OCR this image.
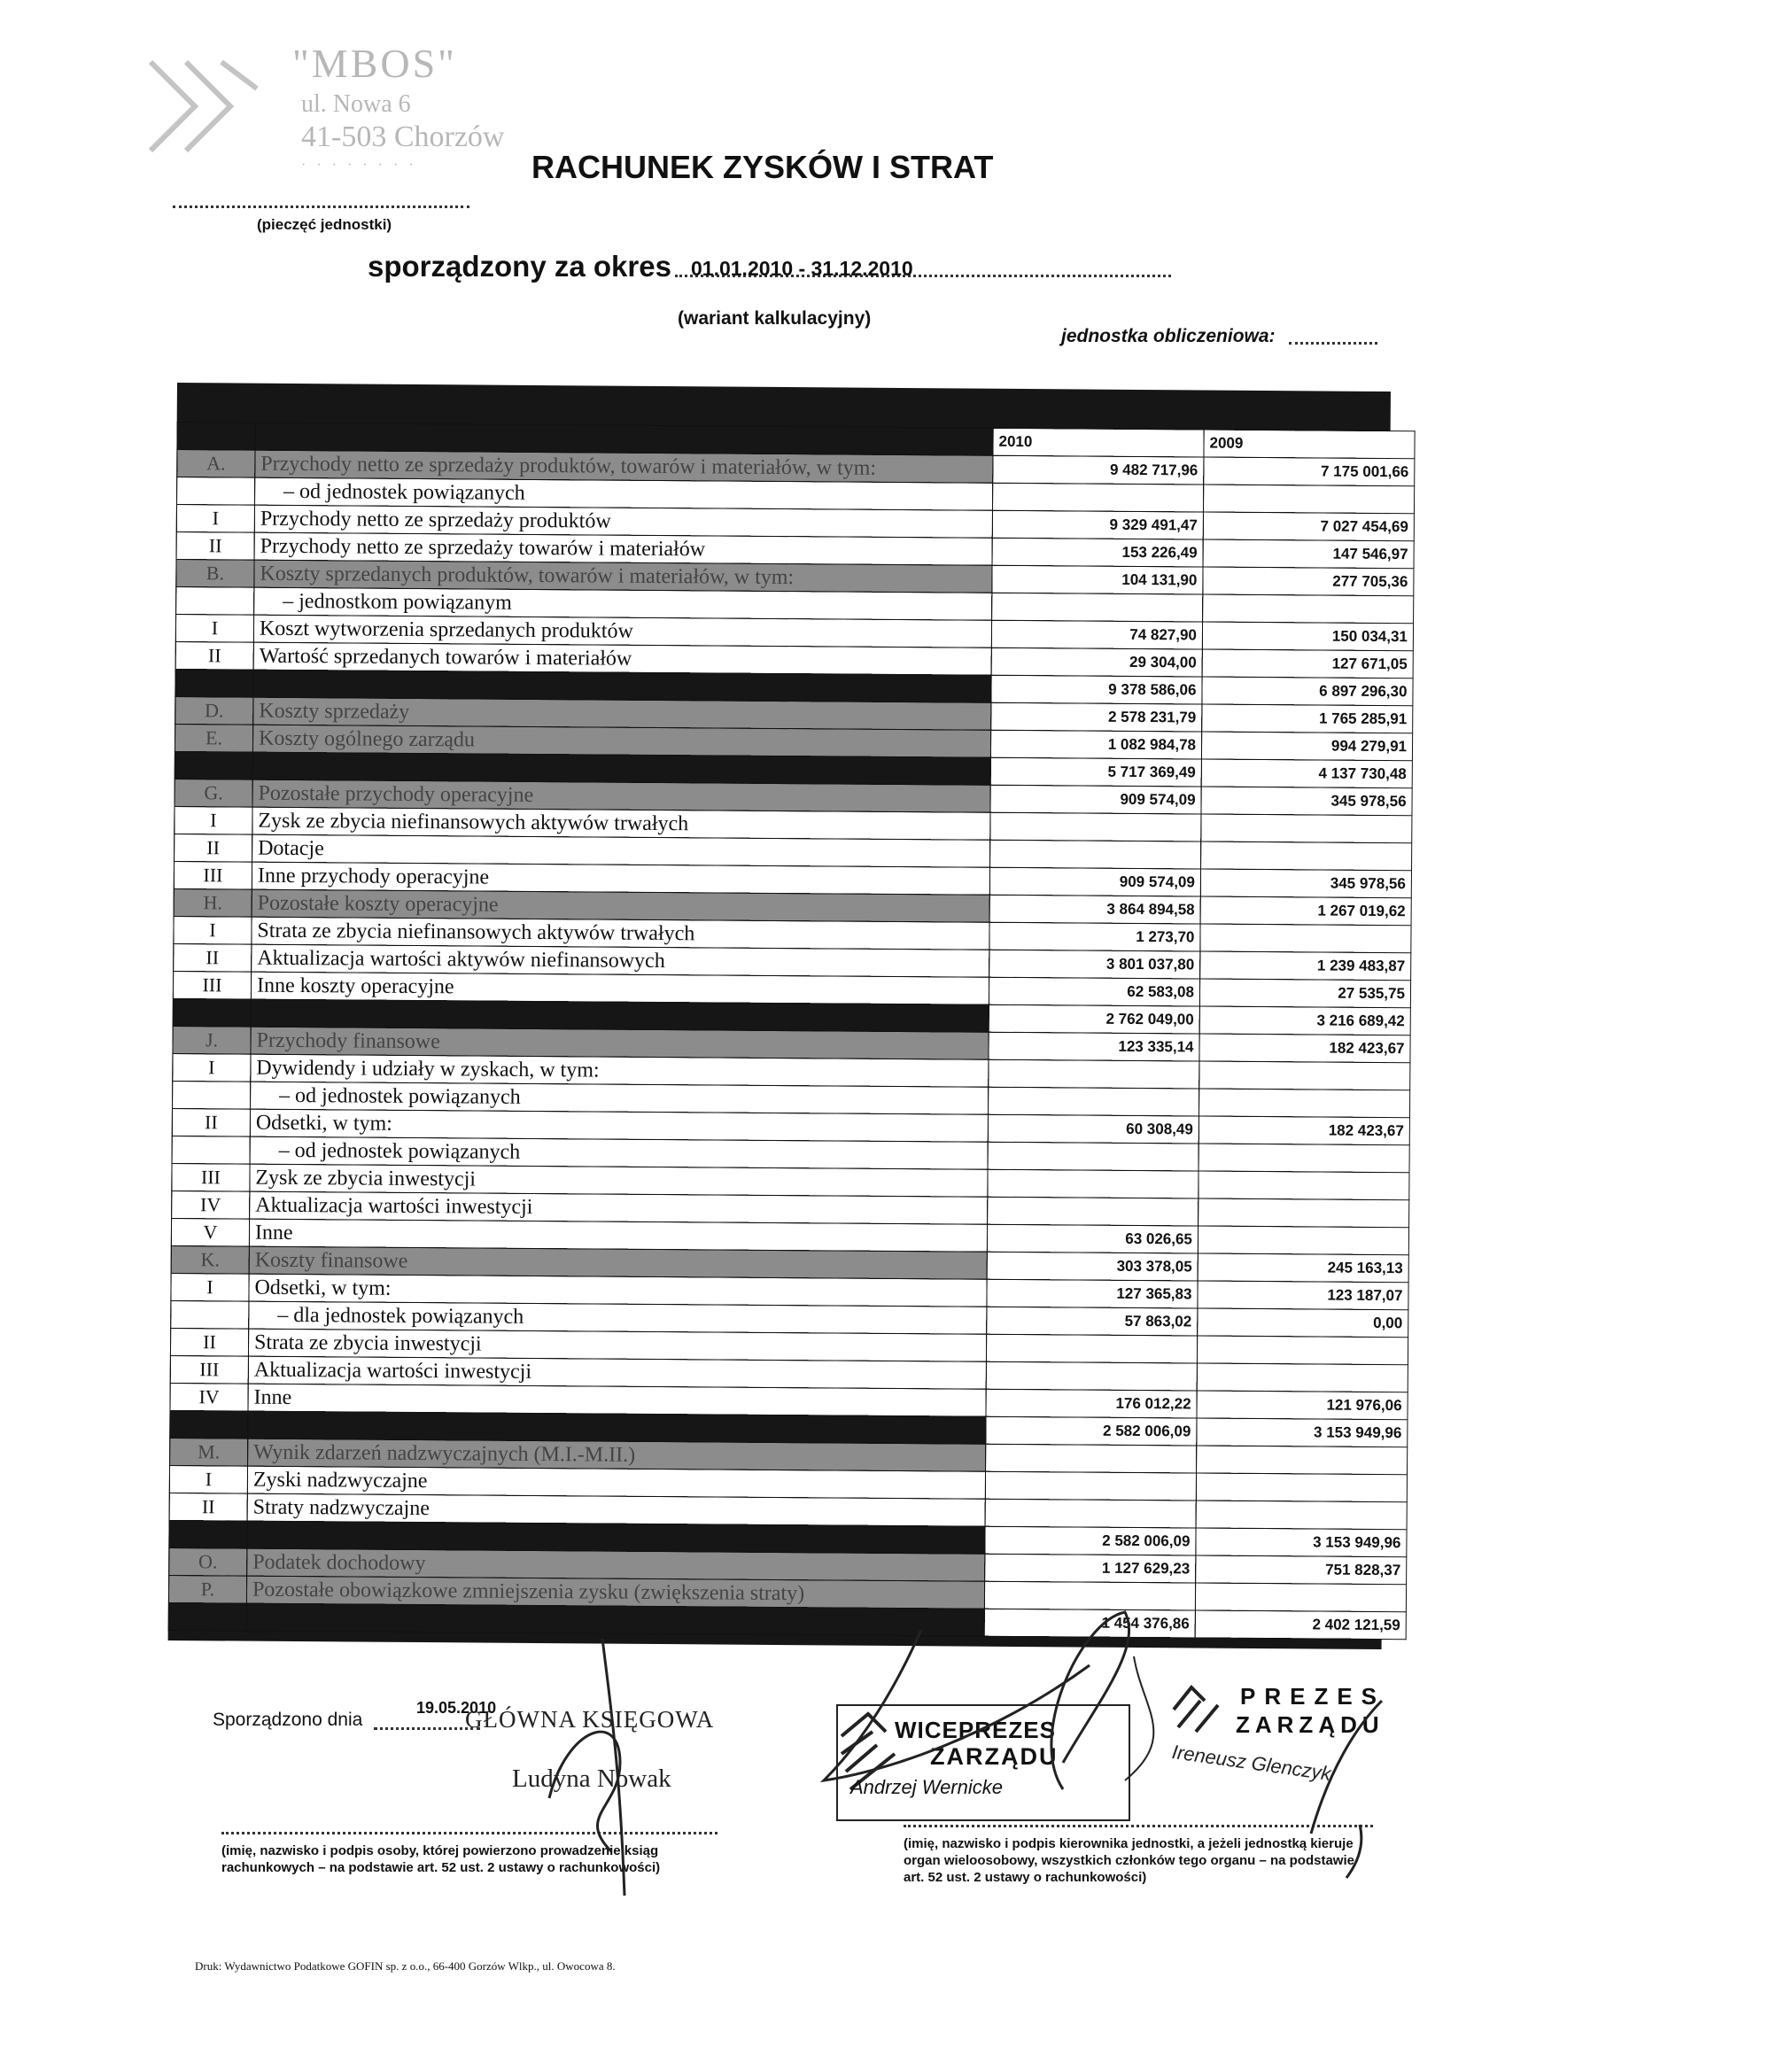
"MBOS"
ul. Nowa 6
41-503 Chorzów
· · · · · · · ·
(pieczęć jednostki)
RACHUNEK ZYSKÓW I STRAT
sporządzony za okres 01.01.2010 - 31.12.2010
(wariant kalkulacyjny)
jednostka obliczeniowa:
		2010	2009
A.	Przychody netto ze sprzedaży produktów, towarów i materiałów, w tym:	9 482 717,96	7 175 001,66
	– od jednostek powiązanych		
I	Przychody netto ze sprzedaży produktów	9 329 491,47	7 027 454,69
II	Przychody netto ze sprzedaży towarów i materiałów	153 226,49	147 546,97
B.	Koszty sprzedanych produktów, towarów i materiałów, w tym:	104 131,90	277 705,36
	– jednostkom powiązanym		
I	Koszt wytworzenia sprzedanych produktów	74 827,90	150 034,31
II	Wartość sprzedanych towarów i materiałów	29 304,00	127 671,05
C.	Zysk (strata) brutto ze sprzedaży (A-B)	9 378 586,06	6 897 296,30
D.	Koszty sprzedaży	2 578 231,79	1 765 285,91
E.	Koszty ogólnego zarządu	1 082 984,78	994 279,91
F.	Zysk (strata) ze sprzedaży (C-D-E)	5 717 369,49	4 137 730,48
G.	Pozostałe przychody operacyjne	909 574,09	345 978,56
I	Zysk ze zbycia niefinansowych aktywów trwałych		
II	Dotacje		
III	Inne przychody operacyjne	909 574,09	345 978,56
H.	Pozostałe koszty operacyjne	3 864 894,58	1 267 019,62
I	Strata ze zbycia niefinansowych aktywów trwałych	1 273,70	
II	Aktualizacja wartości aktywów niefinansowych	3 801 037,80	1 239 483,87
III	Inne koszty operacyjne	62 583,08	27 535,75
I.	Zysk (strata) z działalności operacyjnej (F+G-H)	2 762 049,00	3 216 689,42
J.	Przychody finansowe	123 335,14	182 423,67
I	Dywidendy i udziały w zyskach, w tym:		
	– od jednostek powiązanych		
II	Odsetki, w tym:	60 308,49	182 423,67
	– od jednostek powiązanych		
III	Zysk ze zbycia inwestycji		
IV	Aktualizacja wartości inwestycji		
V	Inne	63 026,65	
K.	Koszty finansowe	303 378,05	245 163,13
I	Odsetki, w tym:	127 365,83	123 187,07
	– dla jednostek powiązanych	57 863,02	0,00
II	Strata ze zbycia inwestycji		
III	Aktualizacja wartości inwestycji		
IV	Inne	176 012,22	121 976,06
L.	Zysk (strata) z działalności gospodarczej (I+J-K)	2 582 006,09	3 153 949,96
M.	Wynik zdarzeń nadzwyczajnych (M.I.-M.II.)		
I	Zyski nadzwyczajne		
II	Straty nadzwyczajne		
N.	Zysk (strata) brutto (L±M)	2 582 006,09	3 153 949,96
O.	Podatek dochodowy	1 127 629,23	751 828,37
P.	Pozostałe obowiązkowe zmniejszenia zysku (zwiększenia straty)		
R.	Zysk (strata) netto (N-O-P)	1 454 376,86	2 402 121,59
Sporządzono dnia
19.05.2010
GŁÓWNA KSIĘGOWA
Ludyna Nowak
(imię, nazwisko i podpis osoby, której powierzono prowadzenie ksiąg rachunkowych – na podstawie art. 52 ust. 2 ustawy o rachunkowości)
WICEPREZES
ZARZĄDU
Andrzej Wernicke
PREZES
ZARZĄDU
Ireneusz Glenczyk
(imię, nazwisko i podpis kierownika jednostki, a jeżeli jednostką kieruje organ wieloosobowy, wszystkich członków tego organu – na podstawie art. 52 ust. 2 ustawy o rachunkowości)
Druk: Wydawnictwo Podatkowe GOFIN sp. z o.o., 66-400 Gorzów Wlkp., ul. Owocowa 8.
